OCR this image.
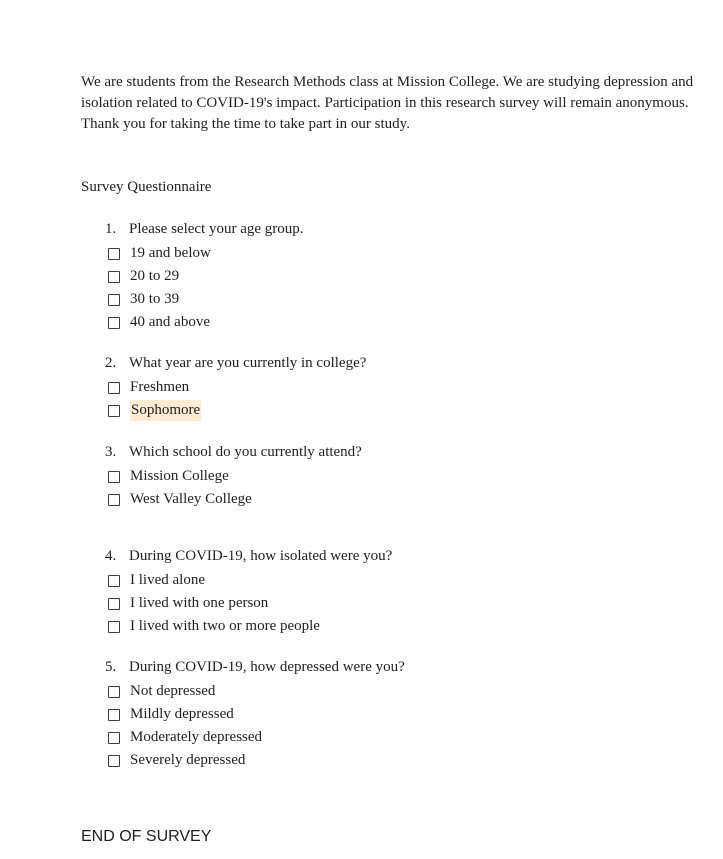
We are students from the Research Methods class at Mission College. We are studying depression and isolation related to COVID-19's impact. Participation in this research survey will remain anonymous. Thank you for taking the time to take part in our study.

Survey Questionnaire

1. Please select your age group.
19 and below
20 to 29
30 to 39
40 and above
2. What year are you currently in college?
Freshmen
Sophomore
3. Which school do you currently attend?
Mission College
West Valley College
4. During COVID-19, how isolated were you?
I lived alone
I lived with one person
I lived with two or more people
5. During COVID-19, how depressed were you?
Not depressed
Mildly depressed
Moderately depressed
Severely depressed

END OF SURVEY
